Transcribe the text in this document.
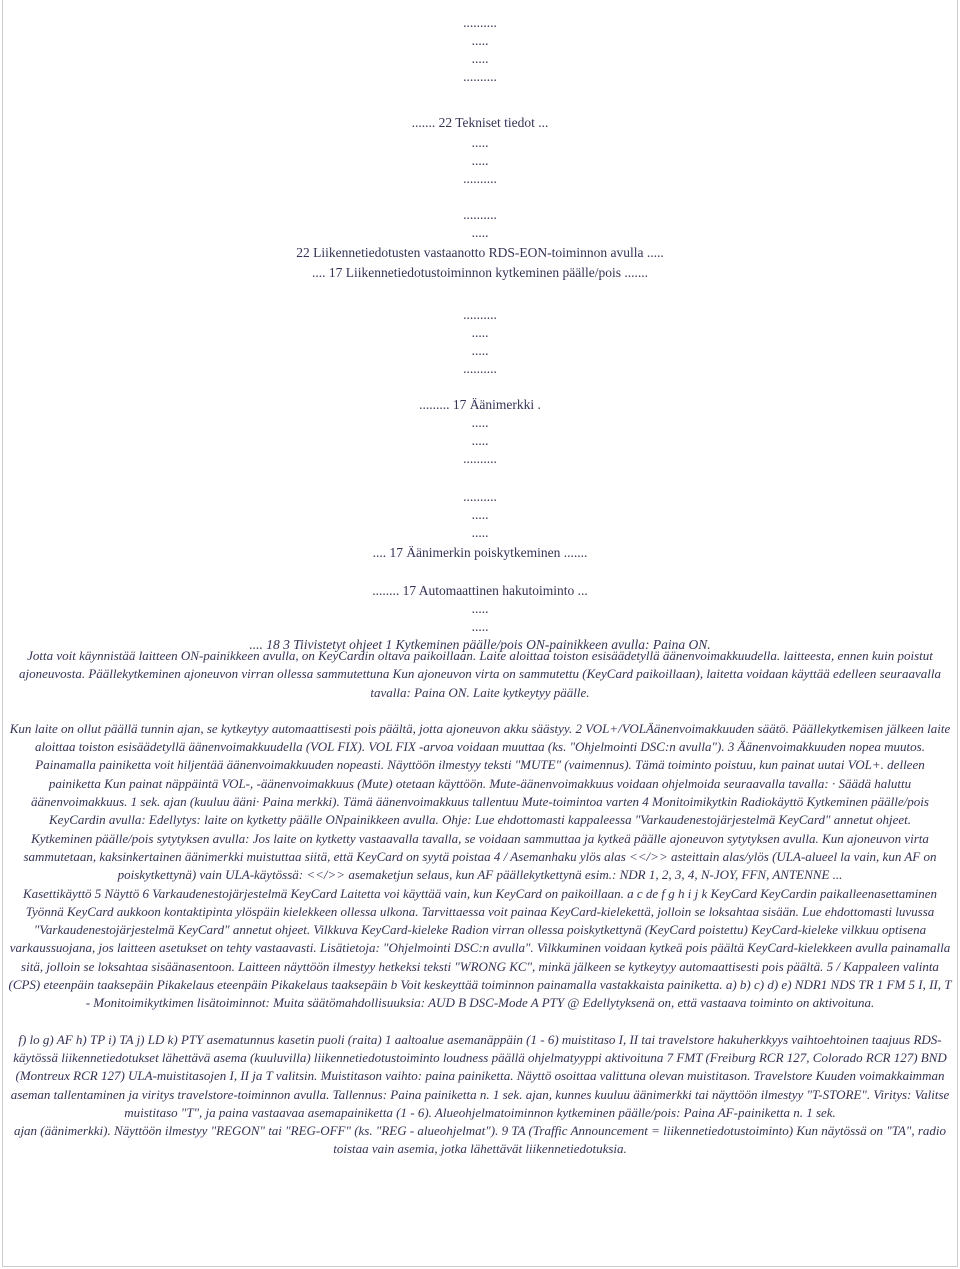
..........
.....
.....
..........
....... 22 Tekniset tiedot ...
.....
.....
..........
..........
.....
22 Liikennetiedotusten vastaanotto RDS-EON-toiminnon avulla .....
.... 17 Liikennetiedotustoiminnon kytkeminen päälle/pois .......
..........
.....
.....
..........
......... 17 Äänimerkki .
.....
.....
..........
..........
.....
.....
.... 17 Äänimerkin poiskytkeminen .......
........ 17 Automaattinen hakutoiminto ...
.....
.....
.... 18 3 Tiivistetyt ohjeet 1 Kytkeminen päälle/pois ON-painikkeen avulla: Paina ON.

Jotta voit käynnistää laitteen ON-painikkeen avulla, on KeyCardin oltava paikoillaan. Laite aloittaa toiston esisäädetyllä äänenvoimakkuudella. laitteesta, ennen kuin poistut ajoneuvosta. Päällekytkeminen ajoneuvon virran ollessa sammutettuna Kun ajoneuvon virta on sammutettu (KeyCard paikoillaan), laitetta voidaan käyttää edelleen seuraavalla tavalla: Paina ON. Laite kytkeytyy päälle.

Kun laite on ollut päällä tunnin ajan, se kytkeytyy automaattisesti pois päältä, jotta ajoneuvon akku säästyy. 2 VOL+/VOLÄänenvoimakkuuden säätö. Päällekytkemisen jälkeen laite aloittaa toiston esisäädetyllä äänenvoimakkuudella (VOL FIX). VOL FIX -arvoa voidaan muuttaa (ks. "Ohjelmointi DSC:n avulla"). 3 Äänenvoimakkuuden nopea muutos. Painamalla painiketta voit hiljentää äänenvoimakkuuden nopeasti. Näyttöön ilmestyy teksti "MUTE" (vaimennus). Tämä toiminto poistuu, kun painat uutai VOL+. delleen painiketta Kun painat näppäintä VOL-, -äänenvoimakkuus (Mute) otetaan käyttöön. Mute-äänenvoimakkuus voidaan ohjelmoida seuraavalla tavalla: · Säädä haluttu äänenvoimakkuus. 1 sek. ajan (kuuluu ääni· Paina merkki). Tämä äänenvoimakkuus tallentuu Mute-toimintoa varten 4 Monitoimikytkin Radiokäyttö Kytkeminen päälle/pois KeyCardin avulla: Edellytys: laite on kytketty päälle ONpainikkeen avulla. Ohje: Lue ehdottomasti kappaleessa "Varkaudenestojärjestelmä KeyCard" annetut ohjeet.

Kytkeminen päälle/pois sytytyksen avulla: Jos laite on kytketty vastaavalla tavalla, se voidaan sammuttaa ja kytkeä päälle ajoneuvon sytytyksen avulla. Kun ajoneuvon virta sammutetaan, kaksinkertainen äänimerkki muistuttaa siitä, että KeyCard on syytä poistaa 4 / Asemanhaku ylös alas <</>> asteittain alas/ylös (ULA-alueel la vain, kun AF on poiskytkettynä) vain ULA-käytössä: <</>> asemaketjun selaus, kun AF päällekytkettynä esim.: NDR 1, 2, 3, 4, N-JOY, FFN, ANTENNE ...

Kasettikäyttö 5 Näyttö 6 Varkaudenestojärjestelmä KeyCard Laitetta voi käyttää vain, kun KeyCard on paikoillaan. a c de f g h i j k KeyCard KeyCardin paikalleenasettaminen Työnnä KeyCard aukkoon kontaktipinta ylöspäin kielekkeen ollessa ulkona. Tarvittaessa voit painaa KeyCard-kielekettä, jolloin se loksahtaa sisään. Lue ehdottomasti luvussa "Varkaudenestojärjestelmä KeyCard" annetut ohjeet. Vilkkuva KeyCard-kieleke Radion virran ollessa poiskytkettynä (KeyCard poistettu) KeyCard-kieleke vilkkuu optisena varkaussuojana, jos laitteen asetukset on tehty vastaavasti. Lisätietoja: "Ohjelmointi DSC:n avulla". Vilkkuminen voidaan kytkeä pois päältä KeyCard-kielekkeen avulla painamalla sitä, jolloin se loksahtaa sisäänasentoon. Laitteen näyttöön ilmestyy hetkeksi teksti "WRONG KC", minkä jälkeen se kytkeytyy automaattisesti pois päältä. 5 / Kappaleen valinta (CPS) eteenpäin taaksepäin Pikakelaus eteenpäin Pikakelaus taaksepäin b Voit keskeyttää toiminnon painamalla vastakkaista painiketta. a) b) c) d) e) NDR1 NDS TR 1 FM 5 I, II, T - Monitoimikytkimen lisätoiminnot: Muita säätömahdollisuuksia: AUD B DSC-Mode A PTY @ Edellytyksenä on, että vastaava toiminto on aktivoituna.

f) lo g) AF h) TP i) TA j) LD k) PTY asematunnus kasetin puoli (raita) 1 aaltoalue asemanäppäin (1 - 6) muistitaso I, II tai travelstore hakuherkkyys vaihtoehtoinen taajuus RDS-käytössä liikennetiedotukset lähettävä asema (kuuluvilla) liikennetiedotustoiminto loudness päällä ohjelmatyyppi aktivoituna 7 FMT (Freiburg RCR 127, Colorado RCR 127) BND (Montreux RCR 127) ULA-muistitasojen I, II ja T valitsin. Muistitason vaihto: paina painiketta. Näyttö osoittaa valittuna olevan muistitason. Travelstore Kuuden voimakkaimman aseman tallentaminen ja viritys travelstore-toiminnon avulla. Tallennus: Paina painiketta n. 1 sek. ajan, kunnes kuuluu äänimerkki tai näyttöön ilmestyy "T-STORE". Viritys: Valitse muistitaso "T", ja paina vastaavaa asemapainiketta (1 - 6). Alueohjelmatoiminnon kytkeminen päälle/pois: Paina AF-painiketta n. 1 sek.

ajan (äänimerkki). Näyttöön ilmestyy "REGON" tai "REG-OFF" (ks. "REG - alueohjelmat"). 9 TA (Traffic Announcement = liikennetiedotustoiminto) Kun näytössä on "TA", radio toistaa vain asemia, jotka lähettävät liikennetiedotuksia.
